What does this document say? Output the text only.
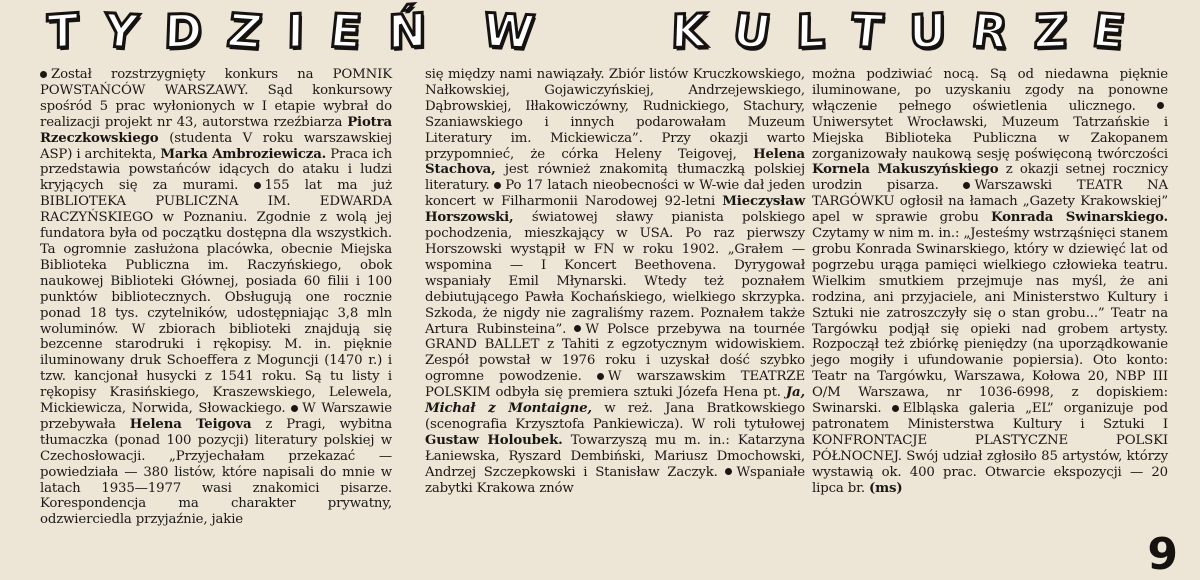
T Y D Z I E Ń W	K U L T U R Z E

Został rozstrzygnięty konkurs na POMNIK POWSTAŃCÓW WARSZAWY. Sąd konkursowy spośród 5 prac wyłonionych w I etapie wybrał do realizacji projekt nr 43, autorstwa rzeźbiarza Piotra Rzeczkowskiego (studenta V roku warszawskiej ASP) i architekta, Marka Ambroziewicza. Praca ich przedstawia powstańców idących do ataku i ludzi kryjących się za murami. 155 lat ma już BIBLIOTEKA PUBLICZNA IM. EDWARDA RACZYŃSKIEGO w Poznaniu. Zgodnie z wolą jej fundatora była od początku dostępna dla wszystkich. Ta ogromnie zasłużona placówka, obecnie Miejska Biblioteka Publiczna im. Raczyńskiego, obok naukowej Biblioteki Głównej, posiada 60 filii i 100 punktów bibliotecznych. Obsługują one rocznie ponad 18 tys. czytelników, udostępniając 3,8 mln woluminów. W zbiorach biblioteki znajdują się bezcenne starodruki i rękopisy. M. in. pięknie iluminowany druk Schoeffera z Moguncji (1470 r.) i tzw. kancjonał husycki z 1541 roku. Są tu listy i rękopisy Krasińskiego, Kraszewskiego, Lelewela, Mickiewicza, Norwida, Słowackiego. W Warszawie przebywała Helena Teigova z Pragi, wybitna tłumaczka (ponad 100 pozycji) literatury polskiej w Czechosłowacji. „Przyjechałam przekazać — powiedziała — 380 listów, które napisali do mnie w latach 1935—1977 wasi znakomici pisarze. Korespondencja ma charakter prywatny, odzwierciedla przyjaźnie, jakie

się między nami nawiązały. Zbiór listów Kruczkowskiego, Nałkowskiej, Gojawiczyńskiej, Andrzejewskiego, Dąbrowskiej, Iłłakowiczówny, Rudnickiego, Stachury, Szaniawskiego i innych podarowałam Muzeum Literatury im. Mickiewicza”. Przy okazji warto przypomnieć, że córka Heleny Teigovej, Helena Stachova, jest również znakomitą tłumaczką polskiej literatury. Po 17 latach nieobecności w W-wie dał jeden koncert w Filharmonii Narodowej 92-letni Mieczysław Horszowski, światowej sławy pianista polskiego pochodzenia, mieszkający w USA. Po raz pierwszy Horszowski wystąpił w FN w roku 1902. „Grałem — wspomina — I Koncert Beethovena. Dyrygował wspaniały Emil Młynarski. Wtedy też poznałem debiutującego Pawła Kochańskiego, wielkiego skrzypka. Szkoda, że nigdy nie zagraliśmy razem. Poznałem także Artura Rubinsteina”. W Polsce przebywa na tournée GRAND BALLET z Tahiti z egzotycznym widowiskiem. Zespół powstał w 1976 roku i uzyskał dość szybko ogromne powodzenie. W warszawskim TEATRZE POLSKIM odbyła się premiera sztuki Józefa Hena pt. Ja, Michał z Montaigne, w reż. Jana Bratkowskiego (scenografia Krzysztofa Pankiewicza). W roli tytułowej Gustaw Holoubek. Towarzyszą mu m. in.: Katarzyna Łaniewska, Ryszard Dembiński, Mariusz Dmochowski, Andrzej Szczepkowski i Stanisław Zaczyk. Wspaniałe zabytki Krakowa znów

można podziwiać nocą. Są od niedawna pięknie iluminowane, po uzyskaniu zgody na ponowne włączenie pełnego oświetlenia ulicznego. Uniwersytet Wrocławski, Muzeum Tatrzańskie i Miejska Biblioteka Publiczna w Zakopanem zorganizowały naukową sesję poświęconą twórczości Kornela Makuszyńskiego z okazji setnej rocznicy urodzin pisarza. Warszawski TEATR NA TARGÓWKU ogłosił na łamach „Gazety Krakowskiej” apel w sprawie grobu Konrada Swinarskiego. Czytamy w nim m. in.: „Jesteśmy wstrząśnięci stanem grobu Konrada Swinarskiego, który w dziewięć lat od pogrzebu urąga pamięci wielkiego człowieka teatru. Wielkim smutkiem przejmuje nas myśl, że ani rodzina, ani przyjaciele, ani Ministerstwo Kultury i Sztuki nie zatroszczyły się o stan grobu...” Teatr na Targówku podjął się opieki nad grobem artysty. Rozpoczął też zbiórkę pieniędzy (na uporządkowanie jego mogiły i ufundowanie popiersia). Oto konto: Teatr na Targówku, Warszawa, Kołowa 20, NBP III O/M Warszawa, nr 1036-6998, z dopiskiem: Swinarski. Elbląska galeria „EL” organizuje pod patronatem Ministerstwa Kultury i Sztuki I KONFRONTACJE PLASTYCZNE POLSKI PÓŁNOCNEJ. Swój udział zgłosiło 85 artystów, którzy wystawią ok. 400 prac. Otwarcie ekspozycji — 20 lipca br. (ms)

9
